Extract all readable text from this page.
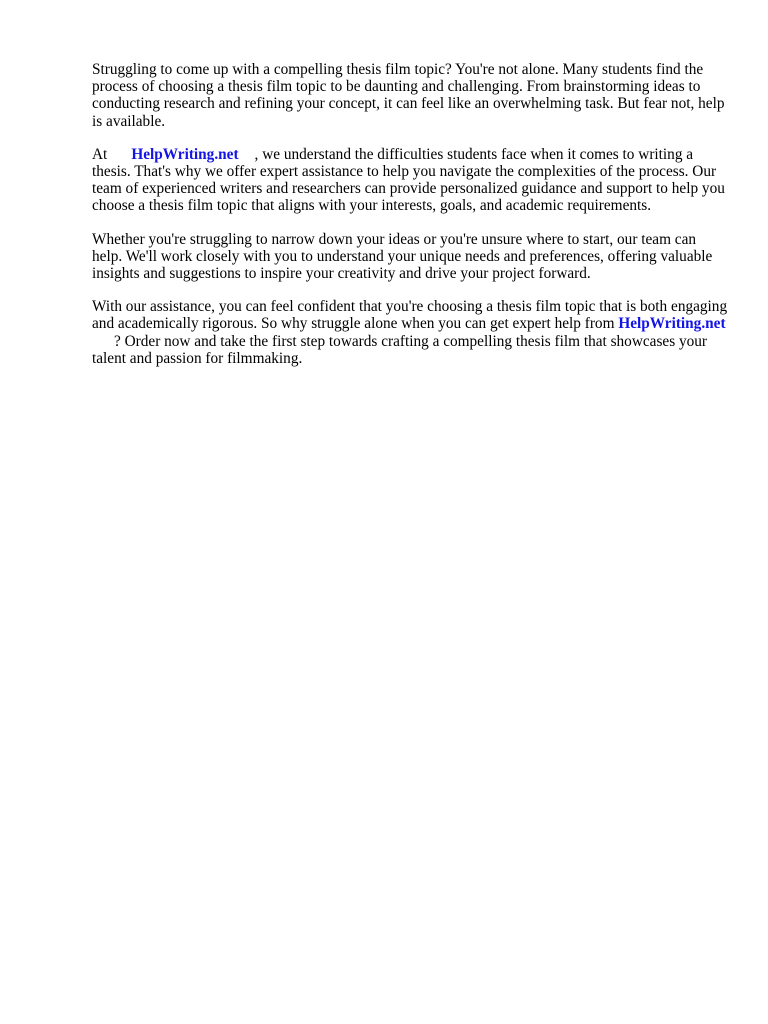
Struggling to come up with a compelling thesis film topic? You're not alone. Many students find the process of choosing a thesis film topic to be daunting and challenging. From brainstorming ideas to conducting research and refining your concept, it can feel like an overwhelming task. But fear not, help is available.

At HelpWriting.net , we understand the difficulties students face when it comes to writing a thesis. That's why we offer expert assistance to help you navigate the complexities of the process. Our team of experienced writers and researchers can provide personalized guidance and support to help you choose a thesis film topic that aligns with your interests, goals, and academic requirements.

Whether you're struggling to narrow down your ideas or you're unsure where to start, our team can help. We'll work closely with you to understand your unique needs and preferences, offering valuable insights and suggestions to inspire your creativity and drive your project forward.

With our assistance, you can feel confident that you're choosing a thesis film topic that is both engaging and academically rigorous. So why struggle alone when you can get expert help from HelpWriting.net? Order now and take the first step towards crafting a compelling thesis film that showcases your talent and passion for filmmaking.
